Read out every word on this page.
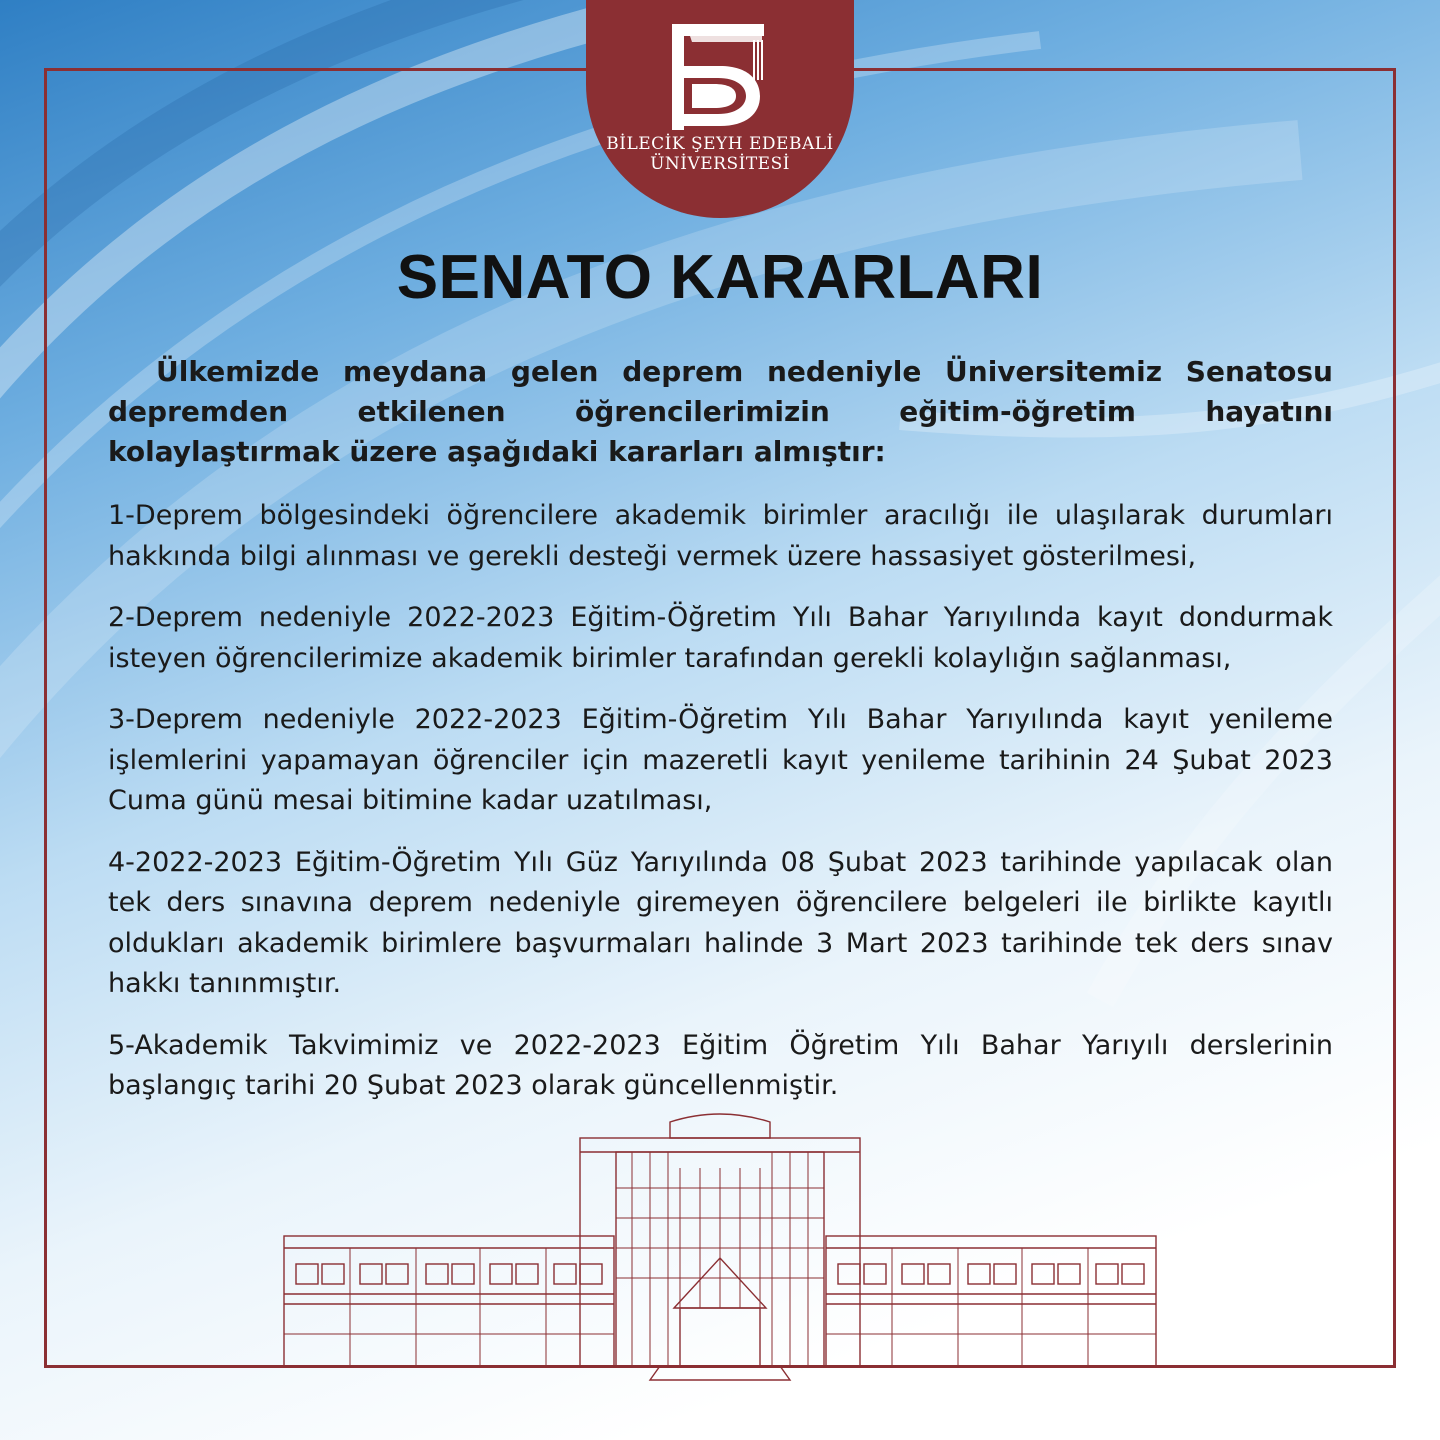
BİLECİK ŞEYH EDEBALİ
ÜNİVERSİTESİ
SENATO KARARLARI

Ülkemizde meydana gelen deprem nedeniyle Üniversitemiz Senatosu depremden etkilenen öğrencilerimizin eğitim-öğretim hayatını kolaylaştırmak üzere aşağıdaki kararları almıştır:

1-Deprem bölgesindeki öğrencilere akademik birimler aracılığı ile ulaşılarak durumları hakkında bilgi alınması ve gerekli desteği vermek üzere hassasiyet gösterilmesi,

2-Deprem nedeniyle 2022-2023 Eğitim-Öğretim Yılı Bahar Yarıyılında kayıt dondurmak isteyen öğrencilerimize akademik birimler tarafından gerekli kolaylığın sağlanması,

3-Deprem nedeniyle 2022-2023 Eğitim-Öğretim Yılı Bahar Yarıyılında kayıt yenileme işlemlerini yapamayan öğrenciler için mazeretli kayıt yenileme tarihinin 24 Şubat 2023 Cuma günü mesai bitimine kadar uzatılması,

4-2022-2023 Eğitim-Öğretim Yılı Güz Yarıyılında 08 Şubat 2023 tarihinde yapılacak olan tek ders sınavına deprem nedeniyle giremeyen öğrencilere belgeleri ile birlikte kayıtlı oldukları akademik birimlere başvurmaları halinde 3 Mart 2023 tarihinde tek ders sınav hakkı tanınmıştır.

5-Akademik Takvimimiz ve 2022-2023 Eğitim Öğretim Yılı Bahar Yarıyılı derslerinin başlangıç tarihi 20 Şubat 2023 olarak güncellenmiştir.
